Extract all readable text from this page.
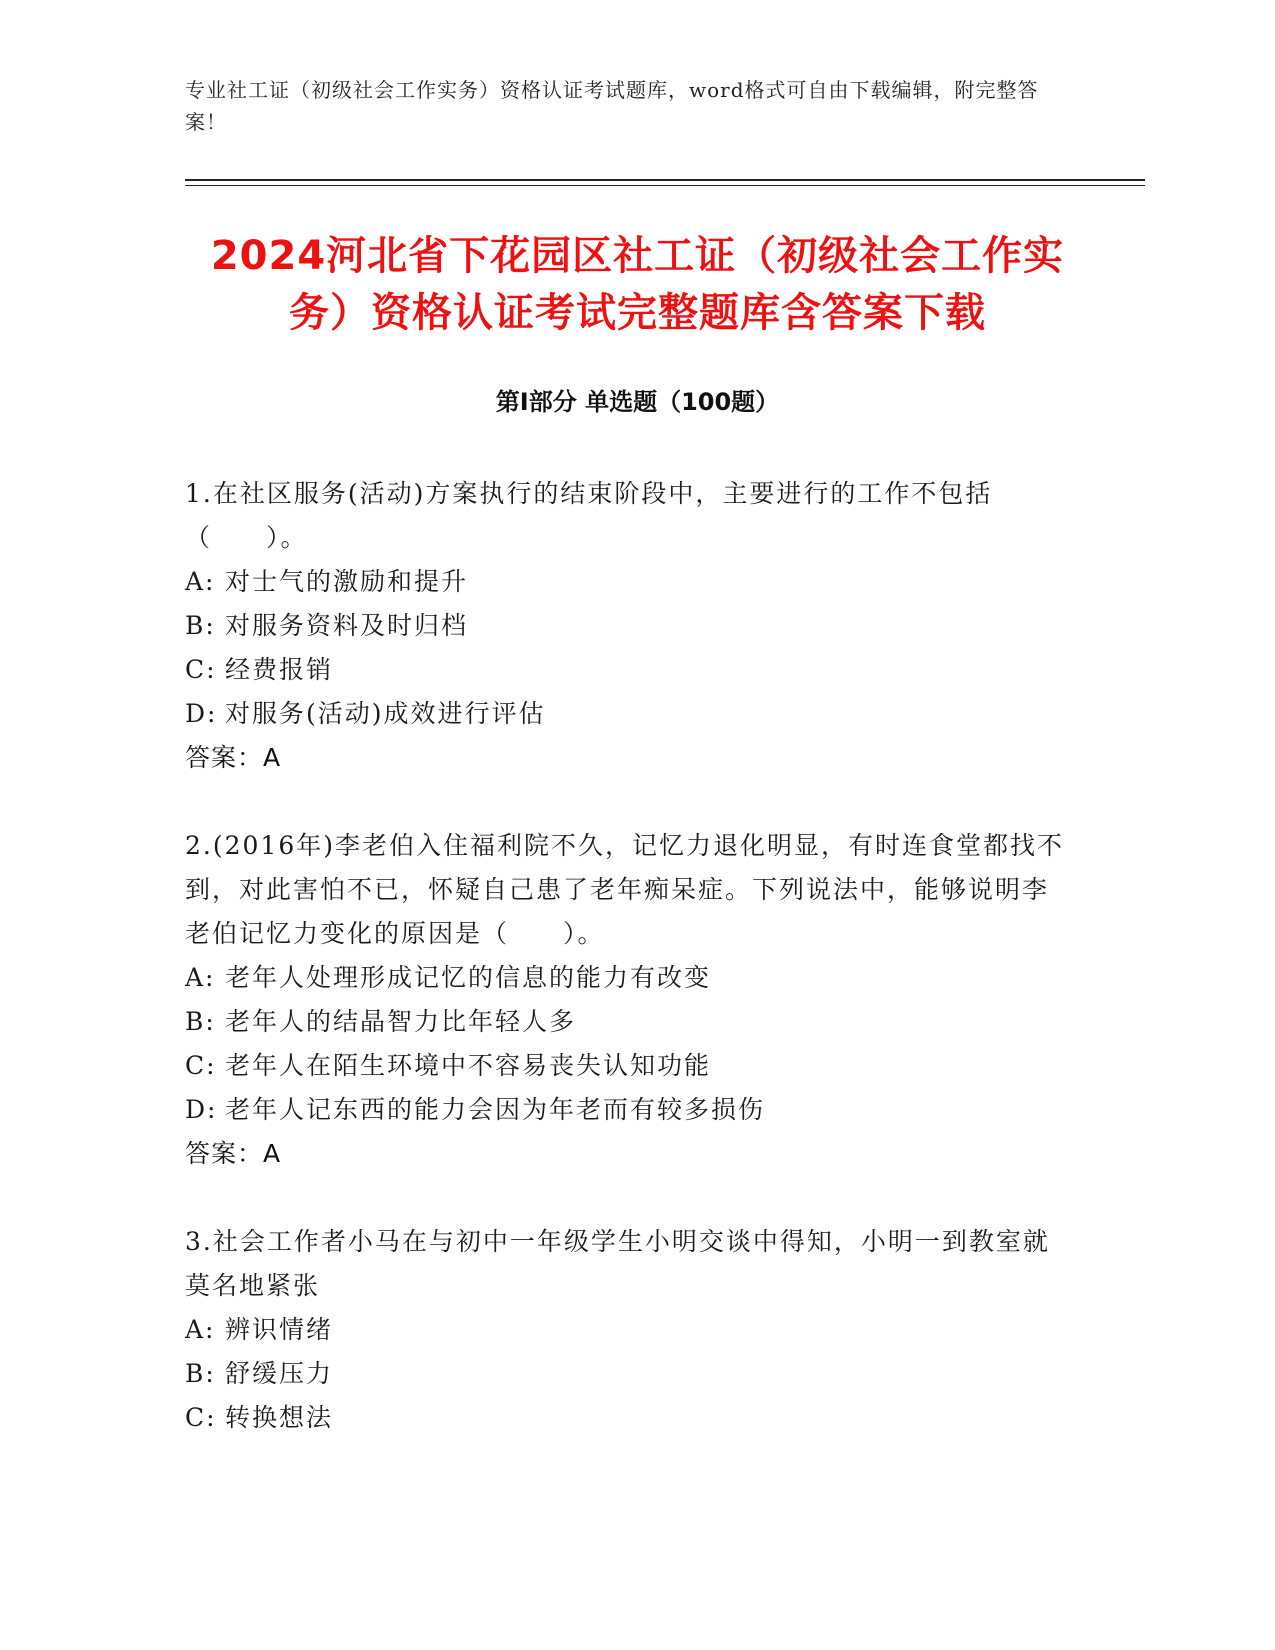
专业社工证（初级社会工作实务）资格认证考试题库，word格式可自由下载编辑，附完整答案！
2024河北省下花园区社工证（初级社会工作实务）资格认证考试完整题库含答案下载
第Ⅰ部分 单选题（100题）
1.在社区服务(活动)方案执行的结束阶段中，主要进行的工作不包括（　　）。
A: 对士气的激励和提升
B: 对服务资料及时归档
C: 经费报销
D: 对服务(活动)成效进行评估
答案：A
2.(2016年)李老伯入住福利院不久，记忆力退化明显，有时连食堂都找不到，对此害怕不已，怀疑自己患了老年痴呆症。下列说法中，能够说明李老伯记忆力变化的原因是（　　）。
A: 老年人处理形成记忆的信息的能力有改变
B: 老年人的结晶智力比年轻人多
C: 老年人在陌生环境中不容易丧失认知功能
D: 老年人记东西的能力会因为年老而有较多损伤
答案：A
3.社会工作者小马在与初中一年级学生小明交谈中得知，小明一到教室就莫名地紧张
A: 辨识情绪
B: 舒缓压力
C: 转换想法
